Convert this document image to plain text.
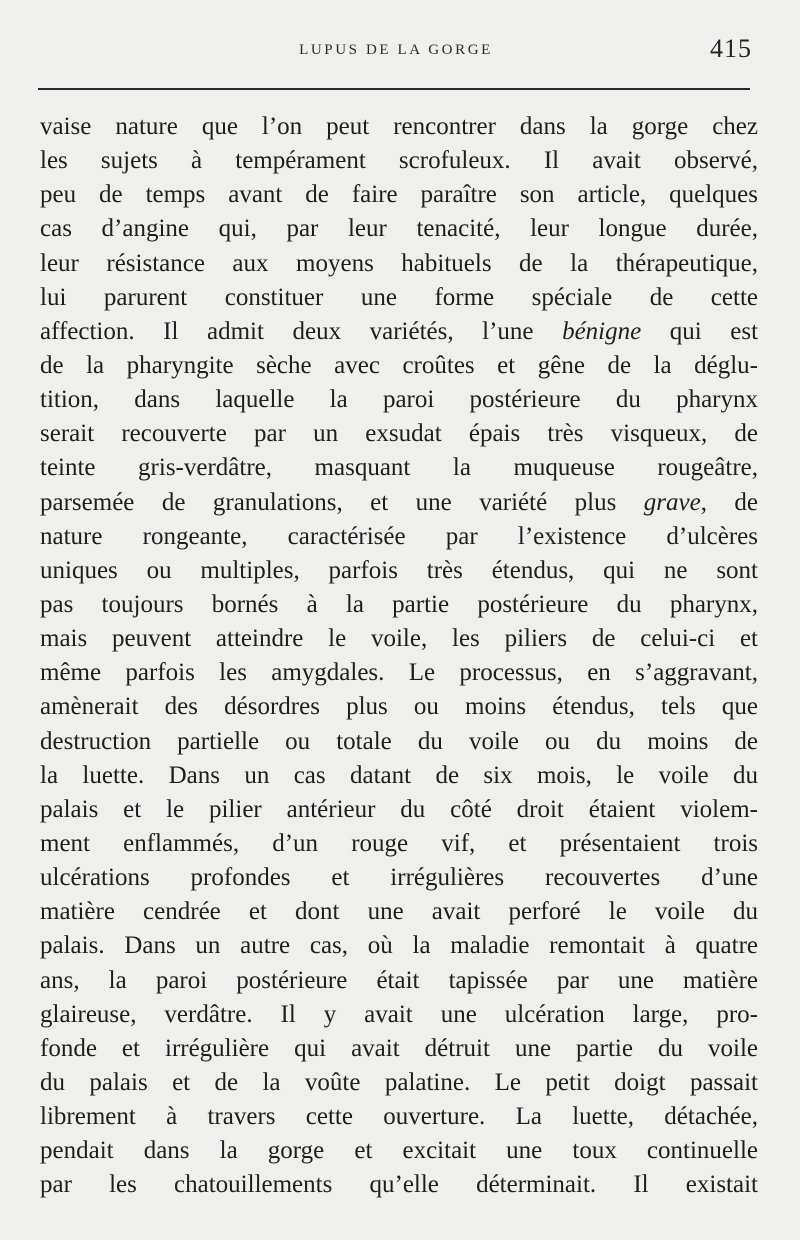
LUPUS DE LA GORGE	415
vaise nature que l’on peut rencontrer dans la gorge chez
les sujets à tempérament scrofuleux. Il avait observé,
peu de temps avant de faire paraître son article, quelques
cas d’angine qui, par leur tenacité, leur longue durée,
leur résistance aux moyens habituels de la thérapeutique,
lui parurent constituer une forme spéciale de cette
affection. Il admit deux variétés, l’une bénigne qui est
de la pharyngite sèche avec croûtes et gêne de la déglu-
tition, dans laquelle la paroi postérieure du pharynx
serait recouverte par un exsudat épais très visqueux, de
teinte gris-verdâtre, masquant la muqueuse rougeâtre,
parsemée de granulations, et une variété plus grave, de
nature rongeante, caractérisée par l’existence d’ulcères
uniques ou multiples, parfois très étendus, qui ne sont
pas toujours bornés à la partie postérieure du pharynx,
mais peuvent atteindre le voile, les piliers de celui-ci et
même parfois les amygdales. Le processus, en s’aggravant,
amènerait des désordres plus ou moins étendus, tels que
destruction partielle ou totale du voile ou du moins de
la luette. Dans un cas datant de six mois, le voile du
palais et le pilier antérieur du côté droit étaient violem-
ment enflammés, d’un rouge vif, et présentaient trois
ulcérations profondes et irrégulières recouvertes d’une
matière cendrée et dont une avait perforé le voile du
palais. Dans un autre cas, où la maladie remontait à quatre
ans, la paroi postérieure était tapissée par une matière
glaireuse, verdâtre. Il y avait une ulcération large, pro-
fonde et irrégulière qui avait détruit une partie du voile
du palais et de la voûte palatine. Le petit doigt passait
librement à travers cette ouverture. La luette, détachée,
pendait dans la gorge et excitait une toux continuelle
par les chatouillements qu’elle déterminait. Il existait
